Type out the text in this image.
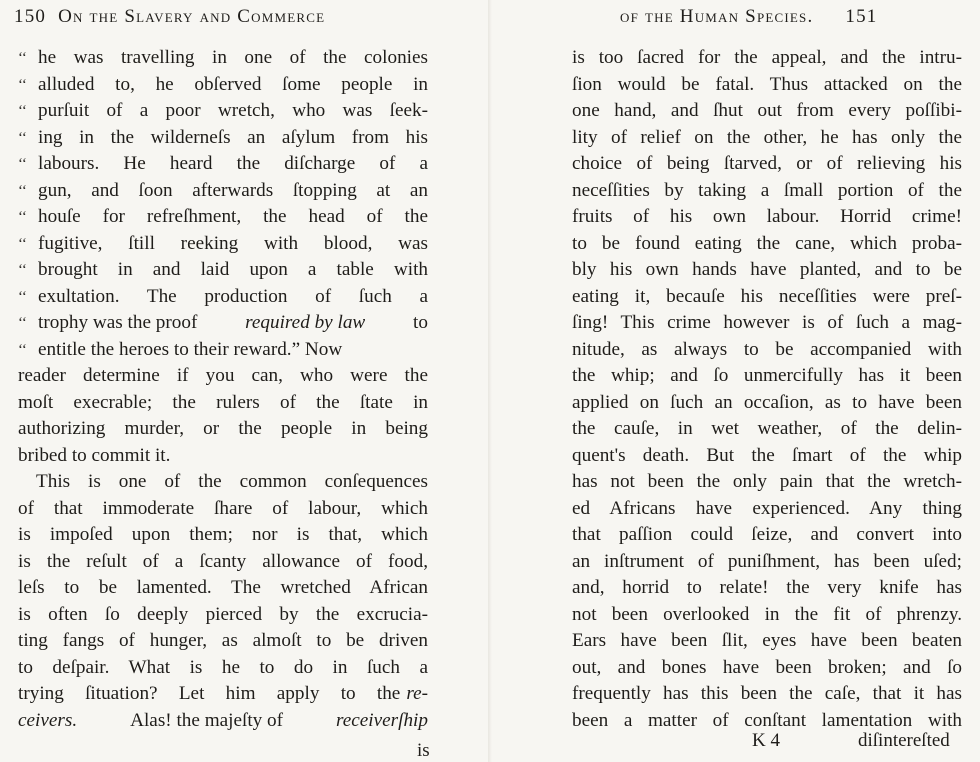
150 On the Slavery and Commerce
‘‘ he was travelling in one of the colonies
‘‘ alluded to, he obſerved ſome people in
‘‘ purſuit of a poor wretch, who was ſeek-
‘‘ ing in the wilderneſs an aſylum from his
‘‘ labours. He heard the diſcharge of a
‘‘ gun, and ſoon afterwards ſtopping at an
‘‘ houſe for refreſhment, the head of the
‘‘ fugitive, ſtill reeking with blood, was
‘‘ brought in and laid upon a table with
‘‘ exultation. The production of ſuch a
‘‘ trophy was the proof required by law to
‘‘ entitle the heroes to their reward.” Now
reader determine if you can, who were the
moſt execrable; the rulers of the ſtate in
authorizing murder, or the people in being
bribed to commit it.
This is one of the common conſequences
of that immoderate ſhare of labour, which
is impoſed upon them; nor is that, which
is the reſult of a ſcanty allowance of food,
leſs to be lamented. The wretched African
is often ſo deeply pierced by the excrucia-
ting fangs of hunger, as almoſt to be driven
to deſpair. What is he to do in ſuch a
trying ſituation? Let him apply to the re-
ceivers.	Alas! the majeſty of	receiverſhip
is
of the Human Species. 151
is too ſacred for the appeal, and the intru-
ſion would be fatal. Thus attacked on the
one hand, and ſhut out from every poſſibi-
lity of relief on the other, he has only the
choice of being ſtarved, or of relieving his
neceſſities by taking a ſmall portion of the
fruits of his own labour. Horrid crime!
to be found eating the cane, which proba-
bly his own hands have planted, and to be
eating it, becauſe his neceſſities were preſ-
ſing! This crime however is of ſuch a mag-
nitude, as always to be accompanied with
the whip; and ſo unmercifully has it been
applied on ſuch an occaſion, as to have been
the cauſe, in wet weather, of the delin-
quent's death. But the ſmart of the whip
has not been the only pain that the wretch-
ed Africans have experienced. Any thing
that paſſion could ſeize, and convert into
an inſtrument of puniſhment, has been uſed;
and, horrid to relate! the very knife has
not been overlooked in the fit of phrenzy.
Ears have been ſlit, eyes have been beaten
out, and bones have been broken; and ſo
frequently has this been the caſe, that it has
been a matter of conſtant lamentation with
K 4	diſintereſted
